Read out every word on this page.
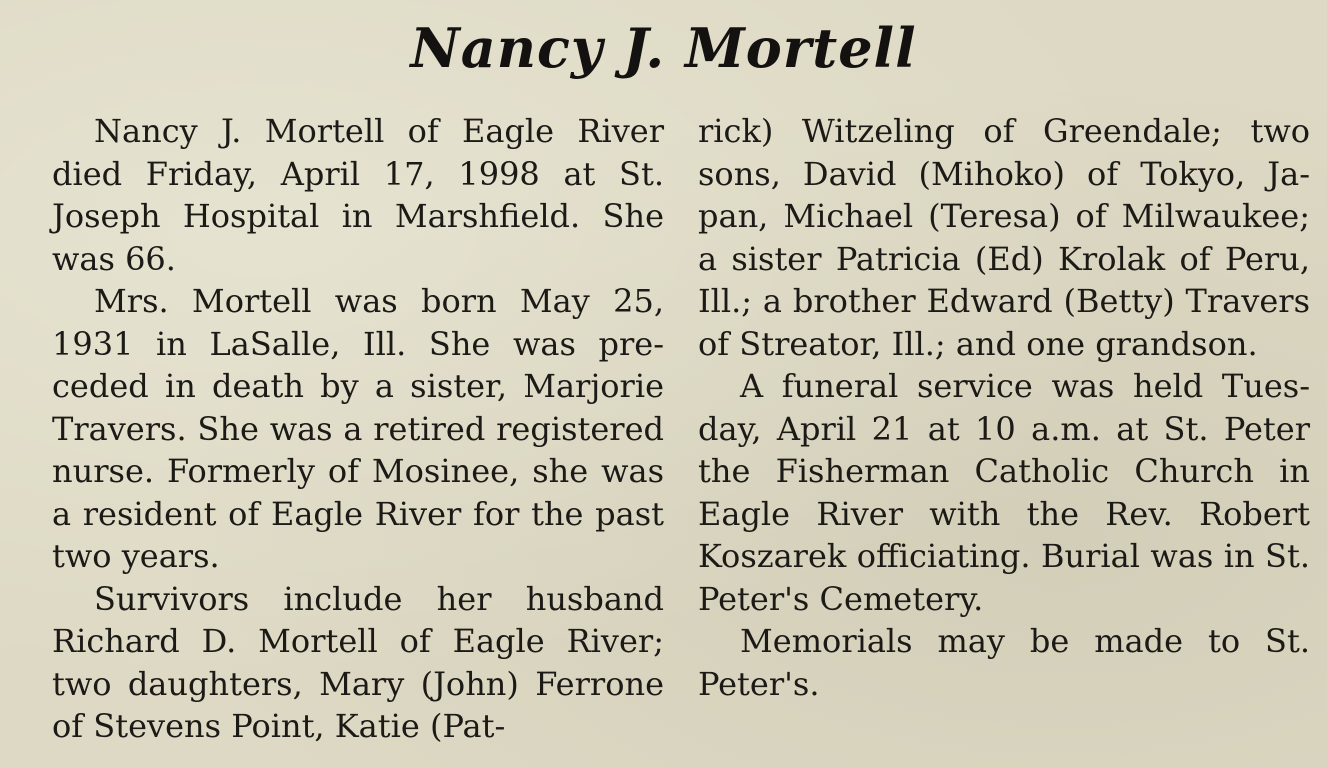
Nancy J. Mortell

Nancy J. Mortell of Eagle River died Friday, April 17, 1998 at St. Joseph Hospital in Marshfield. She was 66.

Mrs. Mortell was born May 25, 1931 in LaSalle, Ill. She was preceded in death by a sister, Marjorie Travers. She was a retired registered nurse. Formerly of Mosinee, she was a resident of Eagle River for the past two years.

Survivors include her husband Richard D. Mortell of Eagle River; two daughters, Mary (John) Ferrone of Stevens Point, Katie (Pat-

rick) Witzeling of Greendale; two sons, David (Mihoko) of Tokyo, Japan, Michael (Teresa) of Milwaukee; a sister Patricia (Ed) Krolak of Peru, Ill.; a brother Edward (Betty) Travers of Streator, Ill.; and one grandson.

A funeral service was held Tuesday, April 21 at 10 a.m. at St. Peter the Fisherman Catholic Church in Eagle River with the Rev. Robert Koszarek officiating. Burial was in St. Peter's Cemetery.

Memorials may be made to St. Peter's.
